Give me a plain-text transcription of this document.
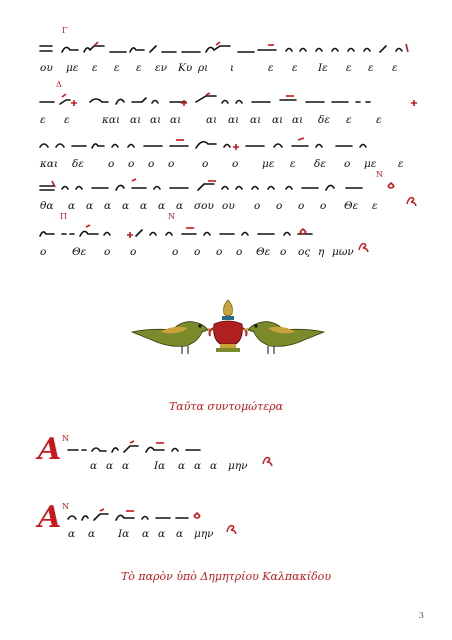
Γ
ου με ε ε ε εν Κυ ρι ι	ε ε Ιε ε ε ε
Δ
ε ε	και αι αι αι αι αι αι αι αι δε ε ε
και δε ο ο ο ο	ο ο με ε δε ο με ε
Ν
θα α α α α α α α σου ου ο ο ο ο Θε ε
Π	Ν
ο Θε ο ο	ο ο ο ο Θε ο ος η μων
Ταῦτα συντομώτερα
Α Ν
α α α Ια α α α μην
Α Ν
α α Ια α α α μην
Τὸ παρὸν ὑπὸ Δημητρίου Καλπακίδου
3
